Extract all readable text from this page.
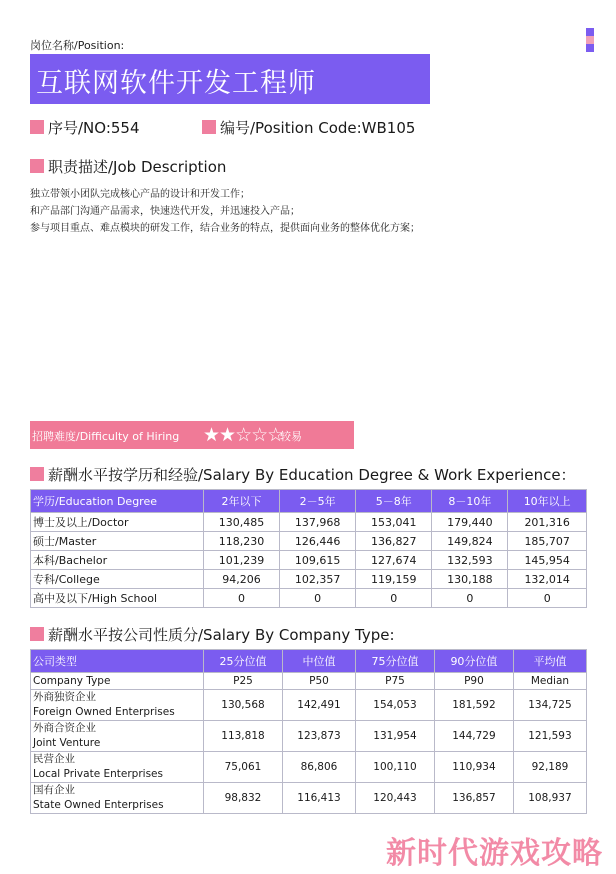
岗位名称/Position:
互联网软件开发工程师
序号/NO:554	编号/Position Code:WB105
职责描述/Job Description
独立带领小团队完成核心产品的设计和开发工作；
和产品部门沟通产品需求，快速迭代开发，并迅速投入产品；
参与项目重点、难点模块的研发工作，结合业务的特点，提供面向业务的整体优化方案；
招聘难度/Difficulty of Hiring ★★☆☆☆
较易
薪酬水平按学历和经验/Salary By Education Degree & Work Experience：
学历/Education Degree	2年以下	2－5年	5－8年	8－10年	10年以上
博士及以上/Doctor	130,485	137,968	153,041	179,440	201,316
硕士/Master	118,230	126,446	136,827	149,824	185,707
本科/Bachelor	101,239	109,615	127,674	132,593	145,954
专科/College	94,206	102,357	119,159	130,188	132,014
高中及以下/High School	0	0	0	0	0
薪酬水平按公司性质分/Salary By Company Type:
公司类型	25分位值	中位值	75分位值	90分位值	平均值
Company Type	P25	P50	P75	P90	Median

外商独资企业
Foreign Owned Enterprises	130,568	142,491	154,053	181,592	134,725

外商合资企业
Joint Venture	113,818	123,873	131,954	144,729	121,593

民营企业
Local Private Enterprises	75,061	86,806	100,110	110,934	92,189

国有企业
State Owned Enterprises	98,832	116,413	120,443	136,857	108,937
新时代游戏攻略
